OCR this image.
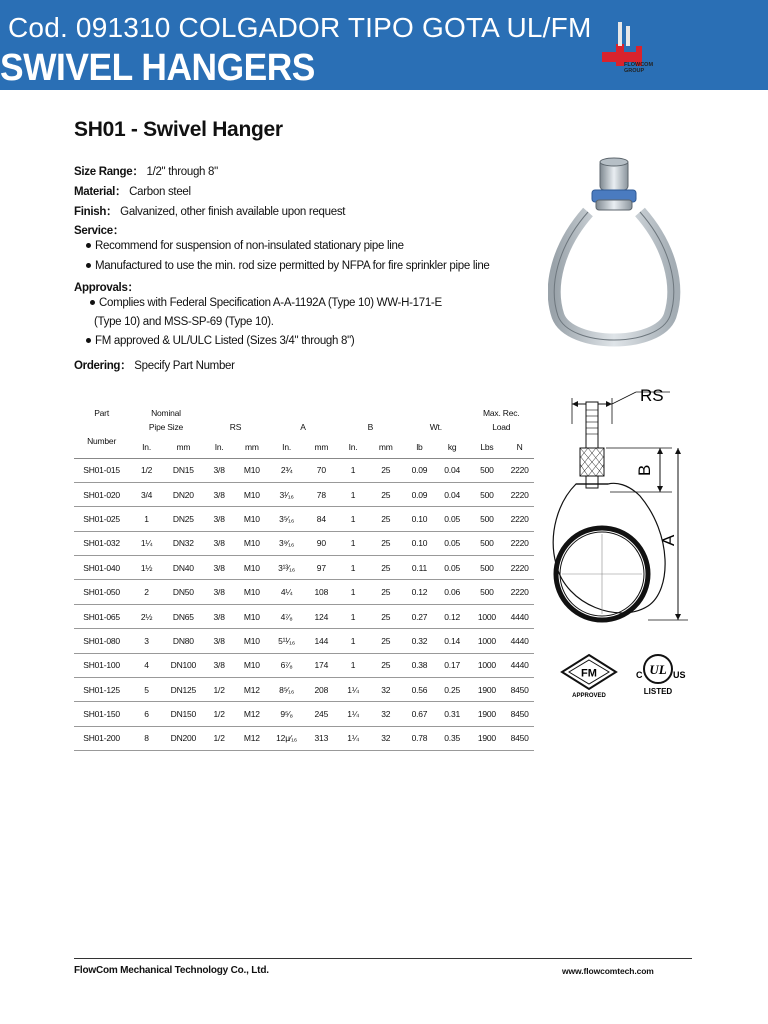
Cod. 091310 COLGADOR TIPO GOTA UL/FM
SWIVEL HANGERS	FLOWCOM GROUP
SH01 - Swivel Hanger
Size Range： 1/2" through 8"
Material： Carbon steel
Finish： Galvanized, other finish available upon request
Service：
Recommend for suspension of non-insulated stationary pipe line
Manufactured to use the min. rod size permitted by NFPA for fire sprinkler pipe line
Approvals：
Complies with Federal Specification A-A-1192A (Type 10) WW-H-171-E
(Type 10) and MSS-SP-69 (Type 10).
FM approved & UL/ULC Listed (Sizes 3/4" through 8")
Ordering： Specify Part Number
Part	Nominal										Max. Rec.	
	Pipe Size		RS		A		B		Wt.		Load	
Number	In.	mm	In.	mm	In.	mm	In.	mm	lb	kg	Lbs	N
SH01-015	1/2	DN15	3/8	M10	2¾	70	1	25	0.09	0.04	500	2220
SH01-020	3/4	DN20	3/8	M10	3¹⁄₁₆	78	1	25	0.09	0.04	500	2220
SH01-025	1	DN25	3/8	M10	3⁵⁄₁₆	84	1	25	0.10	0.05	500	2220
SH01-032	1¼	DN32	3/8	M10	3⁹⁄₁₆	90	1	25	0.10	0.05	500	2220
SH01-040	1½	DN40	3/8	M10	3¹³⁄₁₆	97	1	25	0.11	0.05	500	2220
SH01-050	2	DN50	3/8	M10	4¼	108	1	25	0.12	0.06	500	2220
SH01-065	2½	DN65	3/8	M10	4⁷⁄₈	124	1	25	0.27	0.12	1000	4440
SH01-080	3	DN80	3/8	M10	5¹¹⁄₁₆	144	1	25	0.32	0.14	1000	4440
SH01-100	4	DN100	3/8	M10	6⁷⁄₈	174	1	25	0.38	0.17	1000	4440
SH01-125	5	DN125	1/2	M12	8⁵⁄₁₆	208	1¼	32	0.56	0.25	1900	8450
SH01-150	6	DN150	1/2	M12	9⁵⁄₈	245	1¼	32	0.67	0.31	1900	8450
SH01-200	8	DN200	1/2	M12	12µ⁄₁₆	313	1¼	32	0.78	0.35	1900	8450
RS
B
A
FM
APPROVED
UL
C	US
LISTED
FlowCom Mechanical Technology Co., Ltd.	www.flowcomtech.com
